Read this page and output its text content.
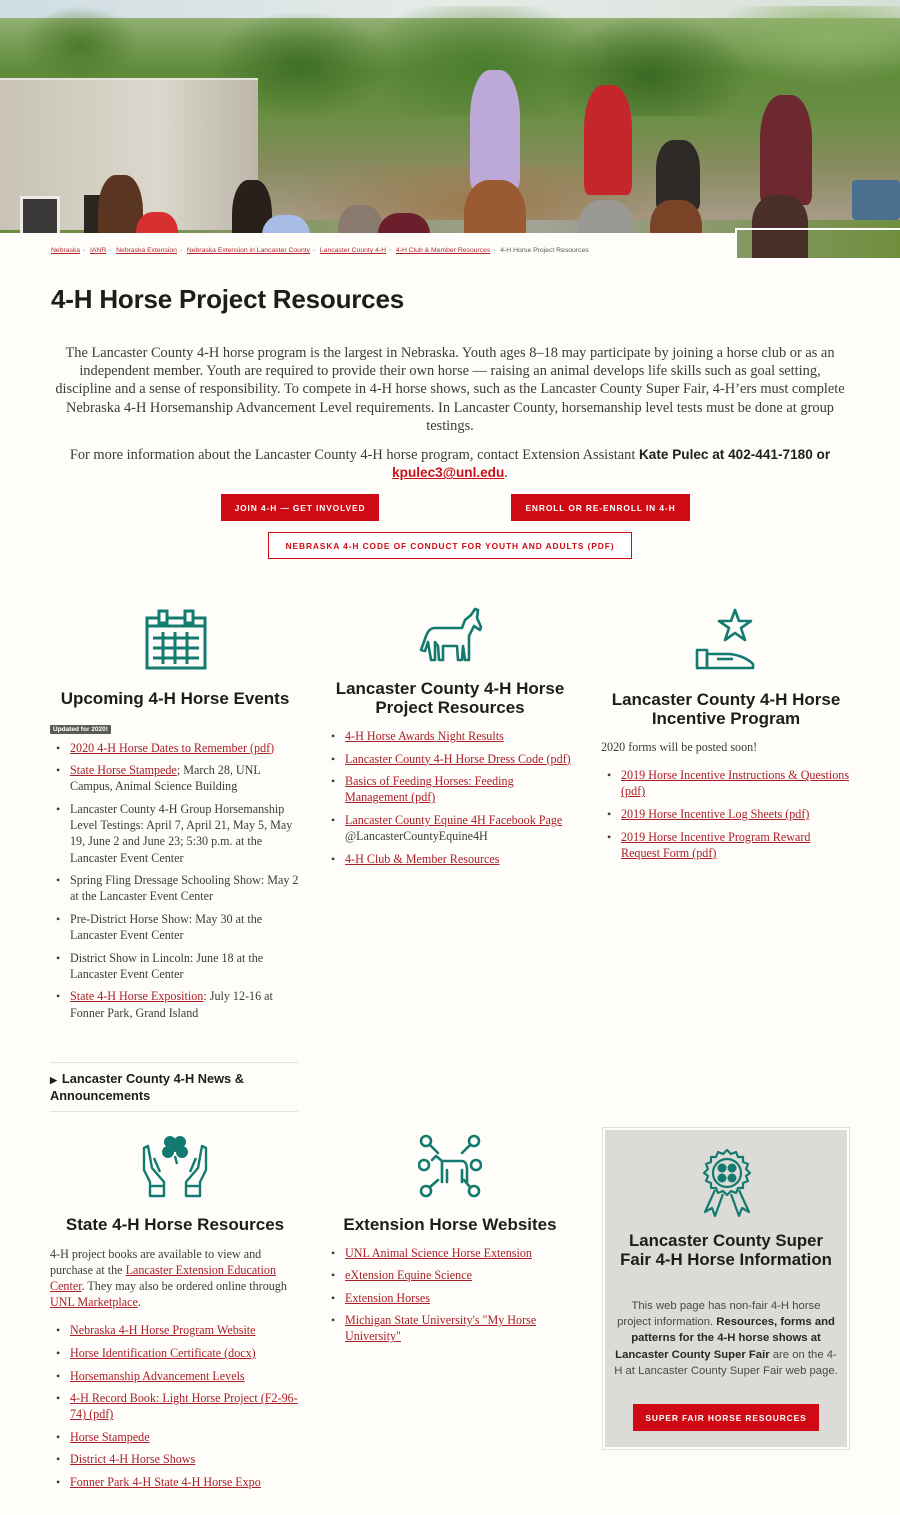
Nebraska › IANR › Nebraska Extension › Nebraska Extension in Lancaster County › Lancaster County 4-H › 4-H Club & Member Resources › 4-H Horse Project Resources
4-H Horse Project Resources

The Lancaster County 4-H horse program is the largest in Nebraska. Youth ages 8–18 may participate by joining a horse club or as an independent member. Youth are required to provide their own horse — raising an animal develops life skills such as goal setting, discipline and a sense of responsibility. To compete in 4-H horse shows, such as the Lancaster County Super Fair, 4-H’ers must complete Nebraska 4-H Horsemanship Advancement Level requirements. In Lancaster County, horsemanship level tests must be done at group testings.

For more information about the Lancaster County 4-H horse program, contact Extension Assistant Kate Pulec at 402-441-7180 or kpulec3@unl.edu.

JOIN 4-H — GET INVOLVED	ENROLL OR RE-ENROLL IN 4-H
NEBRASKA 4-H CODE OF CONDUCT FOR YOUTH AND ADULTS (PDF)
Upcoming 4-H Horse Events
Updated for 2020!
• 2020 4-H Horse Dates to Remember (pdf)
• State Horse Stampede; March 28, UNL Campus, Animal Science Building
• Lancaster County 4-H Group Horsemanship Level Testings: April 7, April 21, May 5, May 19, June 2 and June 23; 5:30 p.m. at the Lancaster Event Center
• Spring Fling Dressage Schooling Show: May 2 at the Lancaster Event Center
• Pre-District Horse Show: May 30 at the Lancaster Event Center
• District Show in Lincoln: June 18 at the Lancaster Event Center
• State 4-H Horse Exposition: July 12-16 at Fonner Park, Grand Island
▶ Lancaster County 4-H News & Announcements
Lancaster County 4-H Horse Project Resources
• 4-H Horse Awards Night Results
• Lancaster County 4-H Horse Dress Code (pdf)
• Basics of Feeding Horses: Feeding Management (pdf)
• Lancaster County Equine 4H Facebook Page @LancasterCountyEquine4H
• 4-H Club & Member Resources
Lancaster County 4-H Horse Incentive Program

2020 forms will be posted soon!

• 2019 Horse Incentive Instructions & Questions (pdf)
• 2019 Horse Incentive Log Sheets (pdf)
• 2019 Horse Incentive Program Reward Request Form (pdf)
State 4-H Horse Resources

4-H project books are available to view and purchase at the Lancaster Extension Education Center. They may also be ordered online through UNL Marketplace.

• Nebraska 4-H Horse Program Website
• Horse Identification Certificate (docx)
• Horsemanship Advancement Levels
• 4-H Record Book: Light Horse Project (F2-96-74) (pdf)
• Horse Stampede
• District 4-H Horse Shows
• Fonner Park 4-H State 4-H Horse Expo
Extension Horse Websites
• UNL Animal Science Horse Extension
• eXtension Equine Science
• Extension Horses
• Michigan State University's "My Horse University"
Lancaster County Super Fair 4-H Horse Information

This web page has non-fair 4-H horse project information. Resources, forms and patterns for the 4-H horse shows at Lancaster County Super Fair are on the 4-H at Lancaster County Super Fair web page.

SUPER FAIR HORSE RESOURCES
